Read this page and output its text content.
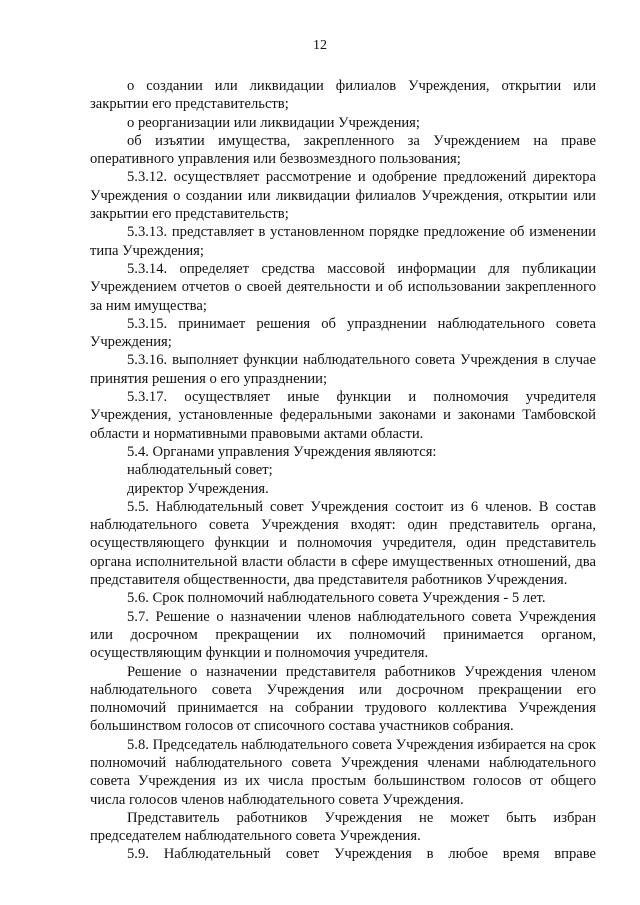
12

о создании или ликвидации филиалов Учреждения, открытии или закрытии его представительств;

о реорганизации или ликвидации Учреждения;

об изъятии имущества, закрепленного за Учреждением на праве оперативного управления или безвозмездного пользования;

5.3.12. осуществляет рассмотрение и одобрение предложений директора Учреждения о создании или ликвидации филиалов Учреждения, открытии или закрытии его представительств;

5.3.13. представляет в установленном порядке предложение об изменении типа Учреждения;

5.3.14. определяет средства массовой информации для публикации Учреждением отчетов о своей деятельности и об использовании закрепленного за ним имущества;

5.3.15. принимает решения об упразднении наблюдательного совета Учреждения;

5.3.16. выполняет функции наблюдательного совета Учреждения в случае принятия решения о его упразднении;

5.3.17. осуществляет иные функции и полномочия учредителя Учреждения, установленные федеральными законами и законами Тамбовской области и нормативными правовыми актами области.

5.4. Органами управления Учреждения являются:

наблюдательный совет;

директор Учреждения.

5.5. Наблюдательный совет Учреждения состоит из 6 членов. В состав наблюдательного совета Учреждения входят: один представитель органа, осуществляющего функции и полномочия учредителя, один представитель органа исполнительной власти области в сфере имущественных отношений, два представителя общественности, два представителя работников Учреждения.

5.6. Срок полномочий наблюдательного совета Учреждения - 5 лет.

5.7. Решение о назначении членов наблюдательного совета Учреждения или досрочном прекращении их полномочий принимается органом, осуществляющим функции и полномочия учредителя.

Решение о назначении представителя работников Учреждения членом наблюдательного совета Учреждения или досрочном прекращении его полномочий принимается на собрании трудового коллектива Учреждения большинством голосов от списочного состава участников собрания.

5.8. Председатель наблюдательного совета Учреждения избирается на срок полномочий наблюдательного совета Учреждения членами наблюдательного совета Учреждения из их числа простым большинством голосов от общего числа голосов членов наблюдательного совета Учреждения.

Представитель работников Учреждения не может быть избран председателем наблюдательного совета Учреждения.

5.9. Наблюдательный совет Учреждения в любое время вправе
